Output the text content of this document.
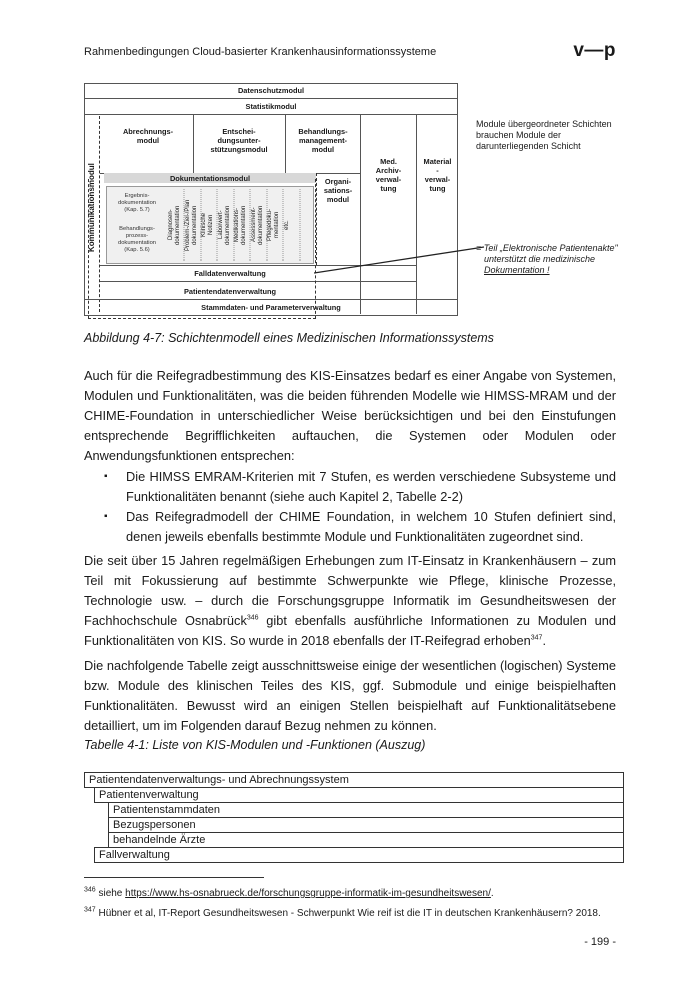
Rahmenbedingungen Cloud-basierter Krankenhausinformationssysteme	v—p
Datenschutzmodul
Statistikmodul
Kommunikationsmodul
Abrechnungs-
modul
Entschei-
dungsunter-
stützungsmodul
Behandlungs-
management-
modul
Med.
Archiv-
verwal-
tung
Material
-
verwal-
tung
Dokumentationsmodul	Organi-
sations-
modul
Ergebnis-
dokumentation
(Kap. 5.7)
Behandlungs-
prozess-
dokumentation
(Kap. 5.6)
Diagnosen-
dokumentation Problem-/Ziel-/Plan
dokumentation Klinische
Notizen Laborwert-
dokumentation Medikations-
dokumentation Assessment-
dokumentation Pflegedoku-
mentation etc.
Falldatenverwaltung
Patientendatenverwaltung
Stammdaten- und Parameterverwaltung
Module übergeordneter Schichten
brauchen Module der
darunterliegenden Schicht
= Teil „Elektronische Patientenakte"
unterstützt die medizinische
Dokumentation !
Abbildung 4-7: Schichtenmodell eines Medizinischen Informationssystems
Auch für die Reifegradbestimmung des KIS-Einsatzes bedarf es einer Angabe von Systemen, Modulen und Funktionalitäten, was die beiden führenden Modelle wie HIMSS-MRAM und der CHIME-Foundation in unterschiedlicher Weise berücksichtigen und bei den Einstufungen entsprechende Begrifflichkeiten auftauchen, die Systemen oder Modulen oder Anwendungsfunktionen entsprechen:
▪ Die HIMSS EMRAM-Kriterien mit 7 Stufen, es werden verschiedene Subsysteme und Funktionalitäten benannt (siehe auch Kapitel 2, Tabelle 2-2)
▪ Das Reifegradmodell der CHIME Foundation, in welchem 10 Stufen definiert sind, denen jeweils ebenfalls bestimmte Module und Funktionalitäten zugeordnet sind.
Die seit über 15 Jahren regelmäßigen Erhebungen zum IT-Einsatz in Krankenhäusern – zum Teil mit Fokussierung auf bestimmte Schwerpunkte wie Pflege, klinische Prozesse, Technologie usw. – durch die Forschungsgruppe Informatik im Gesundheitswesen der Fachhochschule Osnabrück$^{346}$ gibt ebenfalls ausführliche Informationen zu Modulen und Funktionalitäten von KIS. So wurde in 2018 ebenfalls der IT-Reifegrad erhoben$^{347}$.
Die nachfolgende Tabelle zeigt ausschnittsweise einige der wesentlichen (logischen) Systeme bzw. Module des klinischen Teiles des KIS, ggf. Submodule und einige beispielhaften Funktionalitäten. Bewusst wird an einigen Stellen beispielhaft auf Funktionalitätsebene detailliert, um im Folgenden darauf Bezug nehmen zu können.
Tabelle 4-1: Liste von KIS-Modulen und -Funktionen (Auszug)
Patientendatenverwaltungs- und Abrechnungssystem
Patientenverwaltung
Patientenstammdaten
Bezugspersonen
behandelnde Ärzte
Fallverwaltung
$^{346}$ siehe https://www.hs-osnabrueck.de/forschungsgruppe-informatik-im-gesundheitswesen/.
$^{347}$ Hübner et al, IT-Report Gesundheitswesen - Schwerpunkt Wie reif ist die IT in deutschen Krankenhäusern? 2018.
- 199 -
